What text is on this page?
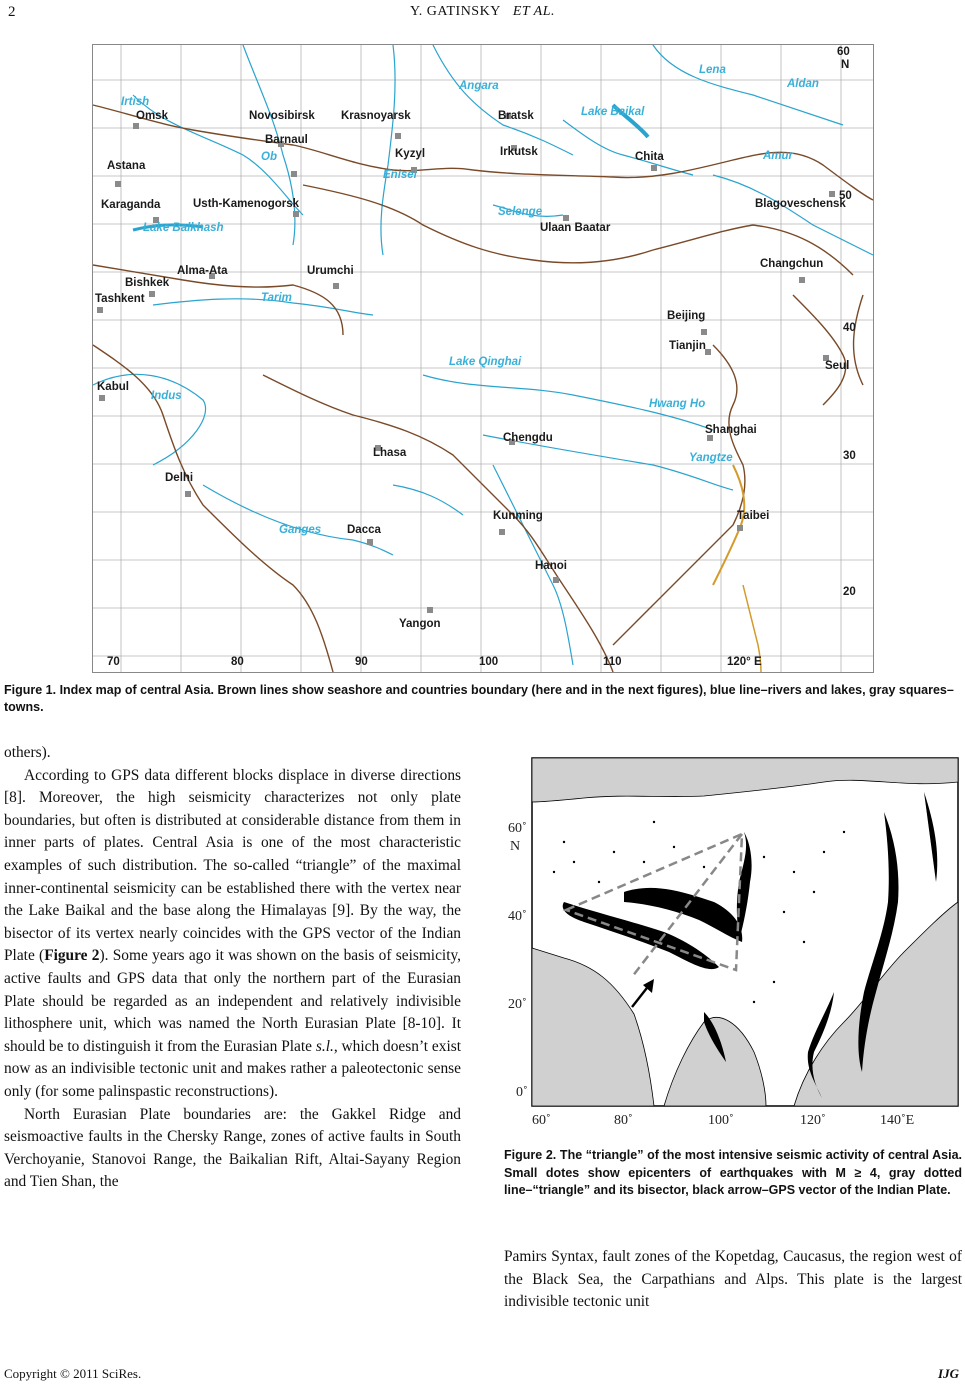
2	Y. GATINSKY ET AL.
Omsk	Novosibirsk
Barnaul
Krasnoyarsk	Bratsk
Irkutsk
Kyzyl	Chita
Astana
Karaganda	Usth-Kamenogorsk
Ulaan Baatar
Blagoveschensk
Changchun
Bishkek
Alma-Ata
Tashkent
Urumchi
Beijing
Tianjin
Seul
Kabul
Delhi
Lhasa
Chengdu
Shanghai
Kunming
Dacca
Taibei
Hanoi
Yangon
Irtish
Ob
Enisei
Angara
Lena
Aldan
Lake Baikal
Amur
Selenge
Lake Balkhash
Tarim
Lake Qinghai
Indus
Hwang Ho
Yangtze
Ganges
70	80	90	100	110	120° E
60
N
50
40
30
20
Figure 1. Index map of central Asia. Brown lines show seashore and countries boundary (here and in the next figures), blue line–rivers and lakes, gray squares–towns.

others).

According to GPS data different blocks displace in diverse directions [8]. Moreover, the high seismicity characterizes not only plate boundaries, but often is distributed at considerable distance from them in inner parts of plates. Central Asia is one of the most characteristic examples of such distribution. The so-called “triangle” of the maximal inner-continental seismicity can be established there with the vertex near the Lake Baikal and the base along the Himalayas [9]. By the way, the bisector of its vertex nearly coincides with the GPS vector of the Indian Plate (Figure 2). Some years ago it was shown on the basis of seismicity, active faults and GPS data that only the northern part of the Eurasian Plate should be regarded as an independent and relatively indivisible lithosphere unit, which was named the North Eurasian Plate [8-10]. It should be to distinguish it from the Eurasian Plate s.l., which doesn’t exist now as an indivisible tectonic unit and makes rather a paleotectonic sense only (for some palinspastic reconstructions).

North Eurasian Plate boundaries are: the Gakkel Ridge and seismoactive faults in the Chersky Range, zones of active faults in South Verchoyanie, Stanovoi Range, the Baikalian Rift, Altai-Sayany Region and Tien Shan, the

60˚
N
40˚
20˚
0˚
60˚	80˚	100˚	120˚	140˚E
Figure 2. The “triangle” of the most intensive seismic activity of central Asia. Small dotes show epicenters of earthquakes with M ≥ 4, gray dotted line–“triangle” and its bisector, black arrow–GPS vector of the Indian Plate.

Pamirs Syntax, fault zones of the Kopetdag, Caucasus, the region west of the Black Sea, the Carpathians and Alps. This plate is the largest indivisible tectonic unit

Copyright © 2011 SciRes.	IJG
